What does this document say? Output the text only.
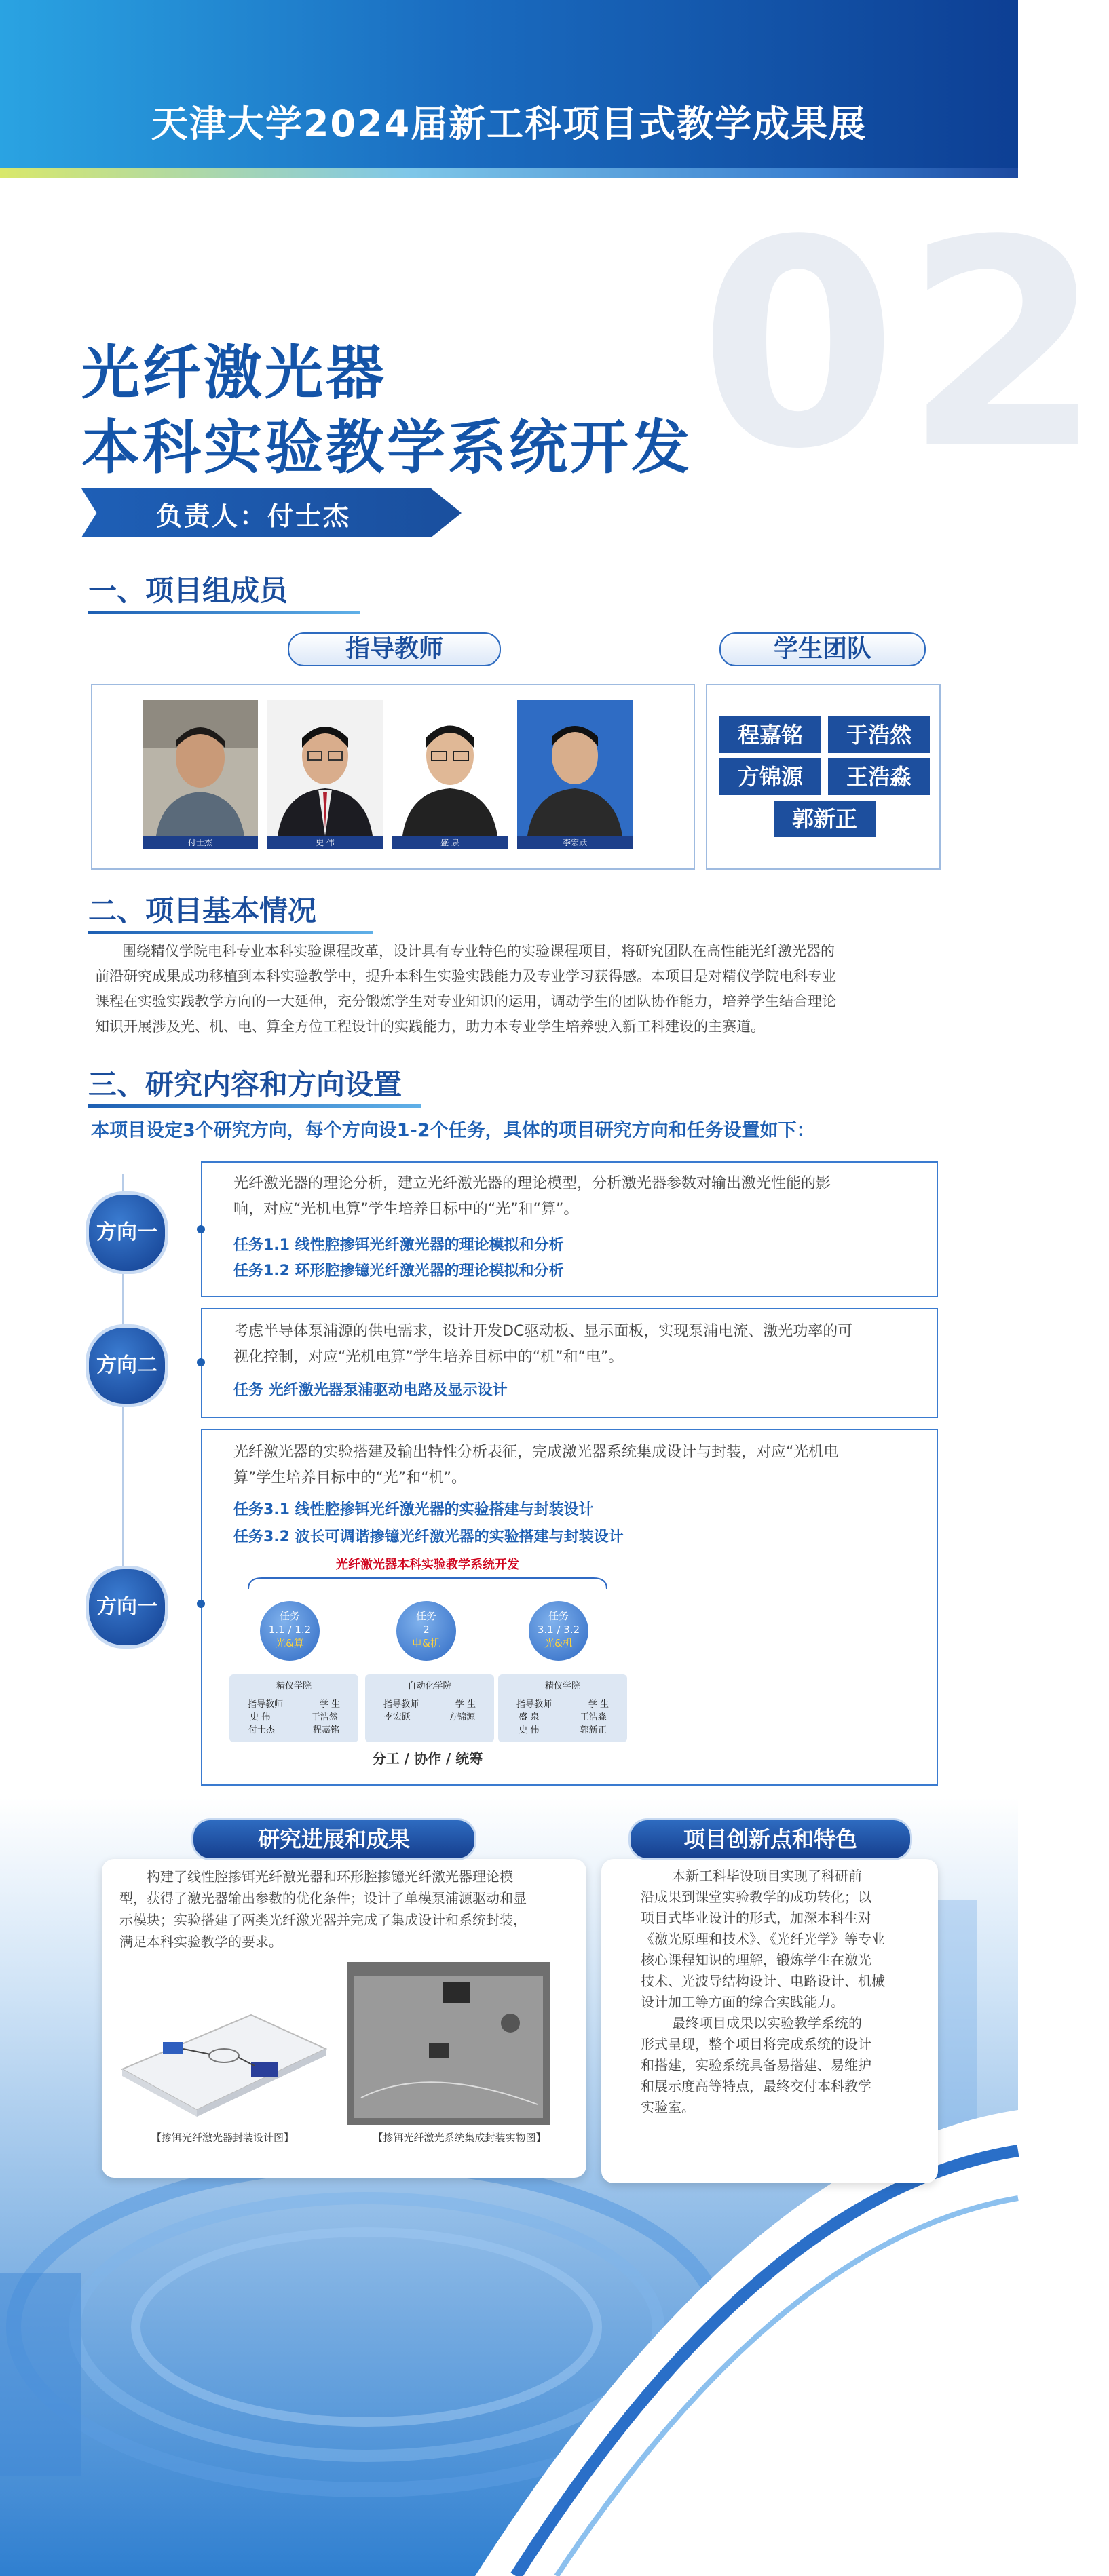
天津大学2024届新工科项目式教学成果展
02
光纤激光器
本科实验教学系统开发
负责人：付士杰
一、项目组成员
指导教师	学生团队
付士杰	史 伟	盛 泉	李宏跃
程嘉铭	于浩然
方锦源	王浩淼
郭新正
二、项目基本情况
围绕精仪学院电科专业本科实验课程改革，设计具有专业特色的实验课程项目，将研究团队在高性能光纤激光器的
前沿研究成果成功移植到本科实验教学中，提升本科生实验实践能力及专业学习获得感。本项目是对精仪学院电科专业
课程在实验实践教学方向的一大延伸，充分锻炼学生对专业知识的运用，调动学生的团队协作能力，培养学生结合理论
知识开展涉及光、机、电、算全方位工程设计的实践能力，助力本专业学生培养驶入新工科建设的主赛道。
三、研究内容和方向设置
本项目设定3个研究方向，每个方向设1-2个任务，具体的项目研究方向和任务设置如下：
方向一
光纤激光器的理论分析，建立光纤激光器的理论模型，分析激光器参数对输出激光性能的影
响，对应“光机电算”学生培养目标中的“光”和“算”。
任务1.1 线性腔掺铒光纤激光器的理论模拟和分析
任务1.2 环形腔掺镱光纤激光器的理论模拟和分析
方向二
考虑半导体泵浦源的供电需求，设计开发DC驱动板、显示面板，实现泵浦电流、激光功率的可
视化控制，对应“光机电算”学生培养目标中的“机”和“电”。
任务 光纤激光器泵浦驱动电路及显示设计
方向一
光纤激光器的实验搭建及输出特性分析表征，完成激光器系统集成设计与封装，对应“光机电
算”学生培养目标中的“光”和“机”。
任务3.1 线性腔掺铒光纤激光器的实验搭建与封装设计
任务3.2 波长可调谐掺镱光纤激光器的实验搭建与封装设计
光纤激光器本科实验教学系统开发
任务
1.1 / 1.2
光&算
任务
2
电&机
任务
3.1 / 3.2
光&机
精仪学院
指导教师	学 生
史 伟	于浩然
付士杰	程嘉铭
自动化学院
指导教师	学 生
李宏跃	方锦源
精仪学院
指导教师	学 生
盛 泉	王浩淼
史 伟	郭新正
分工 / 协作 / 统筹
研究进展和成果
构建了线性腔掺铒光纤激光器和环形腔掺镱光纤激光器理论模
型，获得了激光器输出参数的优化条件；设计了单模泵浦源驱动和显
示模块；实验搭建了两类光纤激光器并完成了集成设计和系统封装，
满足本科实验教学的要求。
【掺铒光纤激光器封装设计图】	【掺铒光纤激光系统集成封装实物图】
项目创新点和特色
本新工科毕设项目实现了科研前
沿成果到课堂实验教学的成功转化；以
项目式毕业设计的形式，加深本科生对
《激光原理和技术》、《光纤光学》等专业
核心课程知识的理解，锻炼学生在激光
技术、光波导结构设计、电路设计、机械
设计加工等方面的综合实践能力。
最终项目成果以实验教学系统的
形式呈现，整个项目将完成系统的设计
和搭建，实验系统具备易搭建、易维护
和展示度高等特点，最终交付本科教学
实验室。
